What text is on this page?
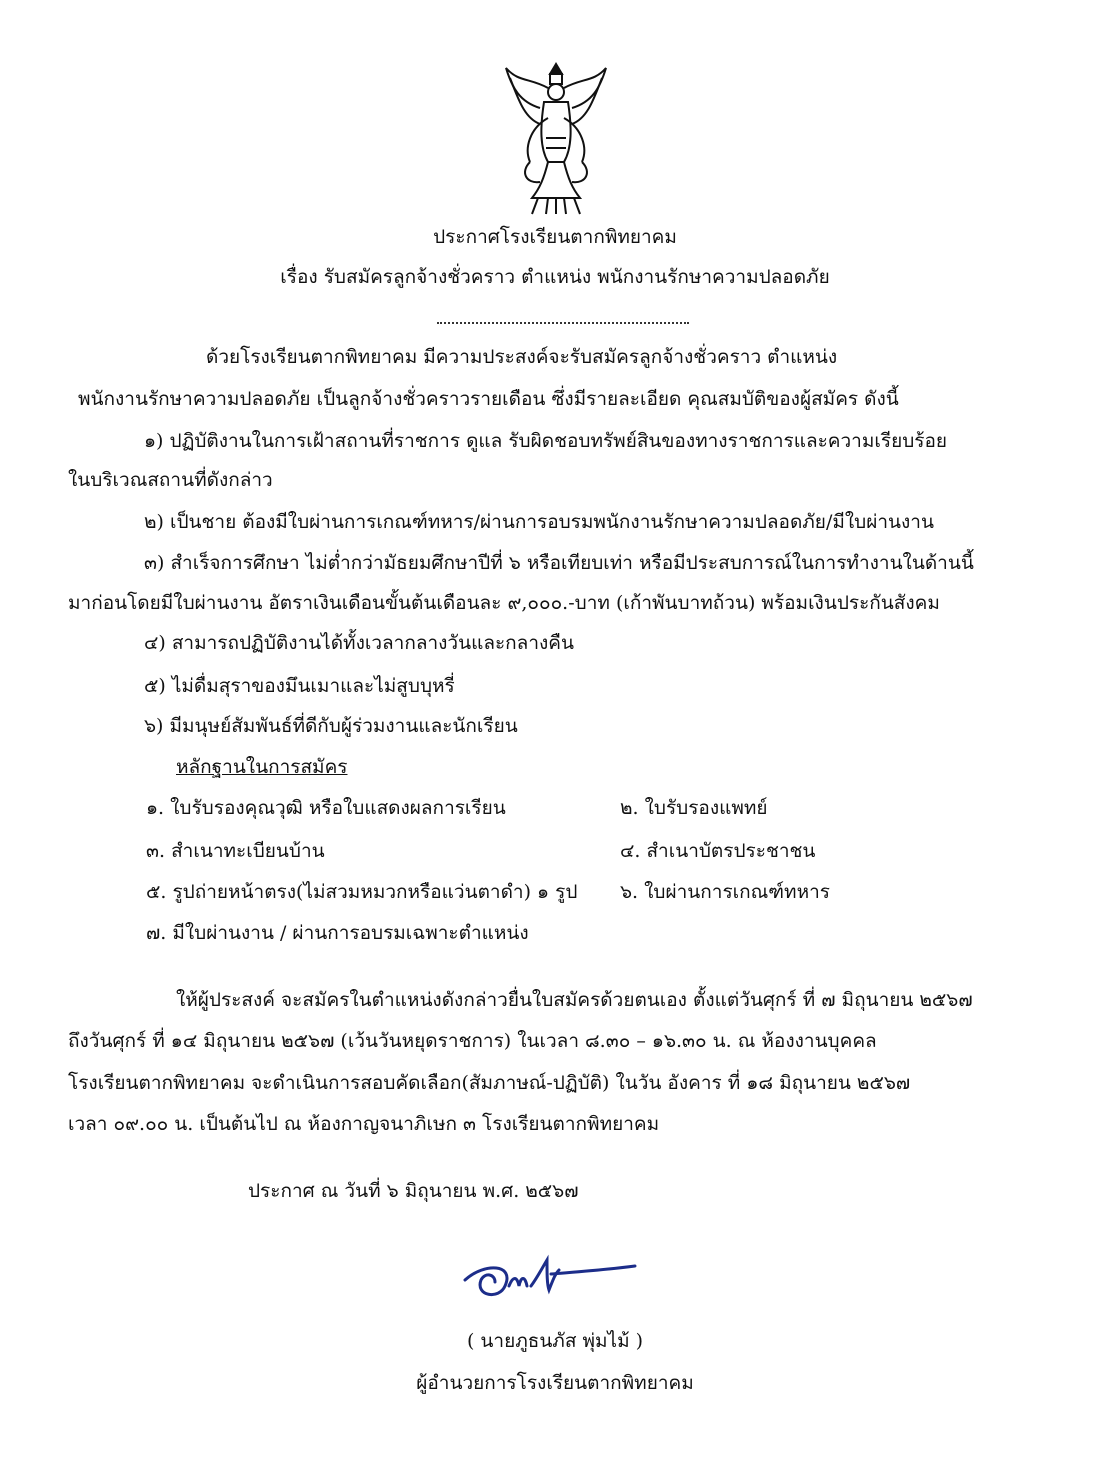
ประกาศโรงเรียนตากพิทยาคม
เรื่อง รับสมัครลูกจ้างชั่วคราว ตำแหน่ง พนักงานรักษาความปลอดภัย
ด้วยโรงเรียนตากพิทยาคม มีความประสงค์จะรับสมัครลูกจ้างชั่วคราว ตำแหน่ง
พนักงานรักษาความปลอดภัย เป็นลูกจ้างชั่วคราวรายเดือน ซึ่งมีรายละเอียด คุณสมบัติของผู้สมัคร ดังนี้
๑) ปฏิบัติงานในการเฝ้าสถานที่ราชการ ดูแล รับผิดชอบทรัพย์สินของทางราชการและความเรียบร้อย
ในบริเวณสถานที่ดังกล่าว
๒) เป็นชาย ต้องมีใบผ่านการเกณฑ์ทหาร/ผ่านการอบรมพนักงานรักษาความปลอดภัย/มีใบผ่านงาน
๓) สำเร็จการศึกษา ไม่ต่ำกว่ามัธยมศึกษาปีที่ ๖ หรือเทียบเท่า หรือมีประสบการณ์ในการทำงานในด้านนี้
มาก่อนโดยมีใบผ่านงาน อัตราเงินเดือนขั้นต้นเดือนละ ๙,๐๐๐.-บาท (เก้าพันบาทถ้วน) พร้อมเงินประกันสังคม
๔) สามารถปฏิบัติงานได้ทั้งเวลากลางวันและกลางคืน
๕) ไม่ดื่มสุราของมึนเมาและไม่สูบบุหรี่
๖) มีมนุษย์สัมพันธ์ที่ดีกับผู้ร่วมงานและนักเรียน
หลักฐานในการสมัคร
๑. ใบรับรองคุณวุฒิ หรือใบแสดงผลการเรียน	๒. ใบรับรองแพทย์
๓. สำเนาทะเบียนบ้าน	๔. สำเนาบัตรประชาชน
๕. รูปถ่ายหน้าตรง(ไม่สวมหมวกหรือแว่นตาดำ) ๑ รูป ๖. ใบผ่านการเกณฑ์ทหาร
๗. มีใบผ่านงาน / ผ่านการอบรมเฉพาะตำแหน่ง
ให้ผู้ประสงค์ จะสมัครในตำแหน่งดังกล่าวยื่นใบสมัครด้วยตนเอง ตั้งแต่วันศุกร์ ที่ ๗ มิถุนายน ๒๕๖๗
ถึงวันศุกร์ ที่ ๑๔ มิถุนายน ๒๕๖๗ (เว้นวันหยุดราชการ) ในเวลา ๘.๓๐ – ๑๖.๓๐ น. ณ ห้องงานบุคคล
โรงเรียนตากพิทยาคม จะดำเนินการสอบคัดเลือก(สัมภาษณ์-ปฏิบัติ) ในวัน อังคาร ที่ ๑๘ มิถุนายน ๒๕๖๗
เวลา ๐๙.๐๐ น. เป็นต้นไป ณ ห้องกาญจนาภิเษก ๓ โรงเรียนตากพิทยาคม
ประกาศ ณ วันที่ ๖ มิถุนายน พ.ศ. ๒๕๖๗
( นายภูธนภัส พุ่มไม้ )
ผู้อำนวยการโรงเรียนตากพิทยาคม
